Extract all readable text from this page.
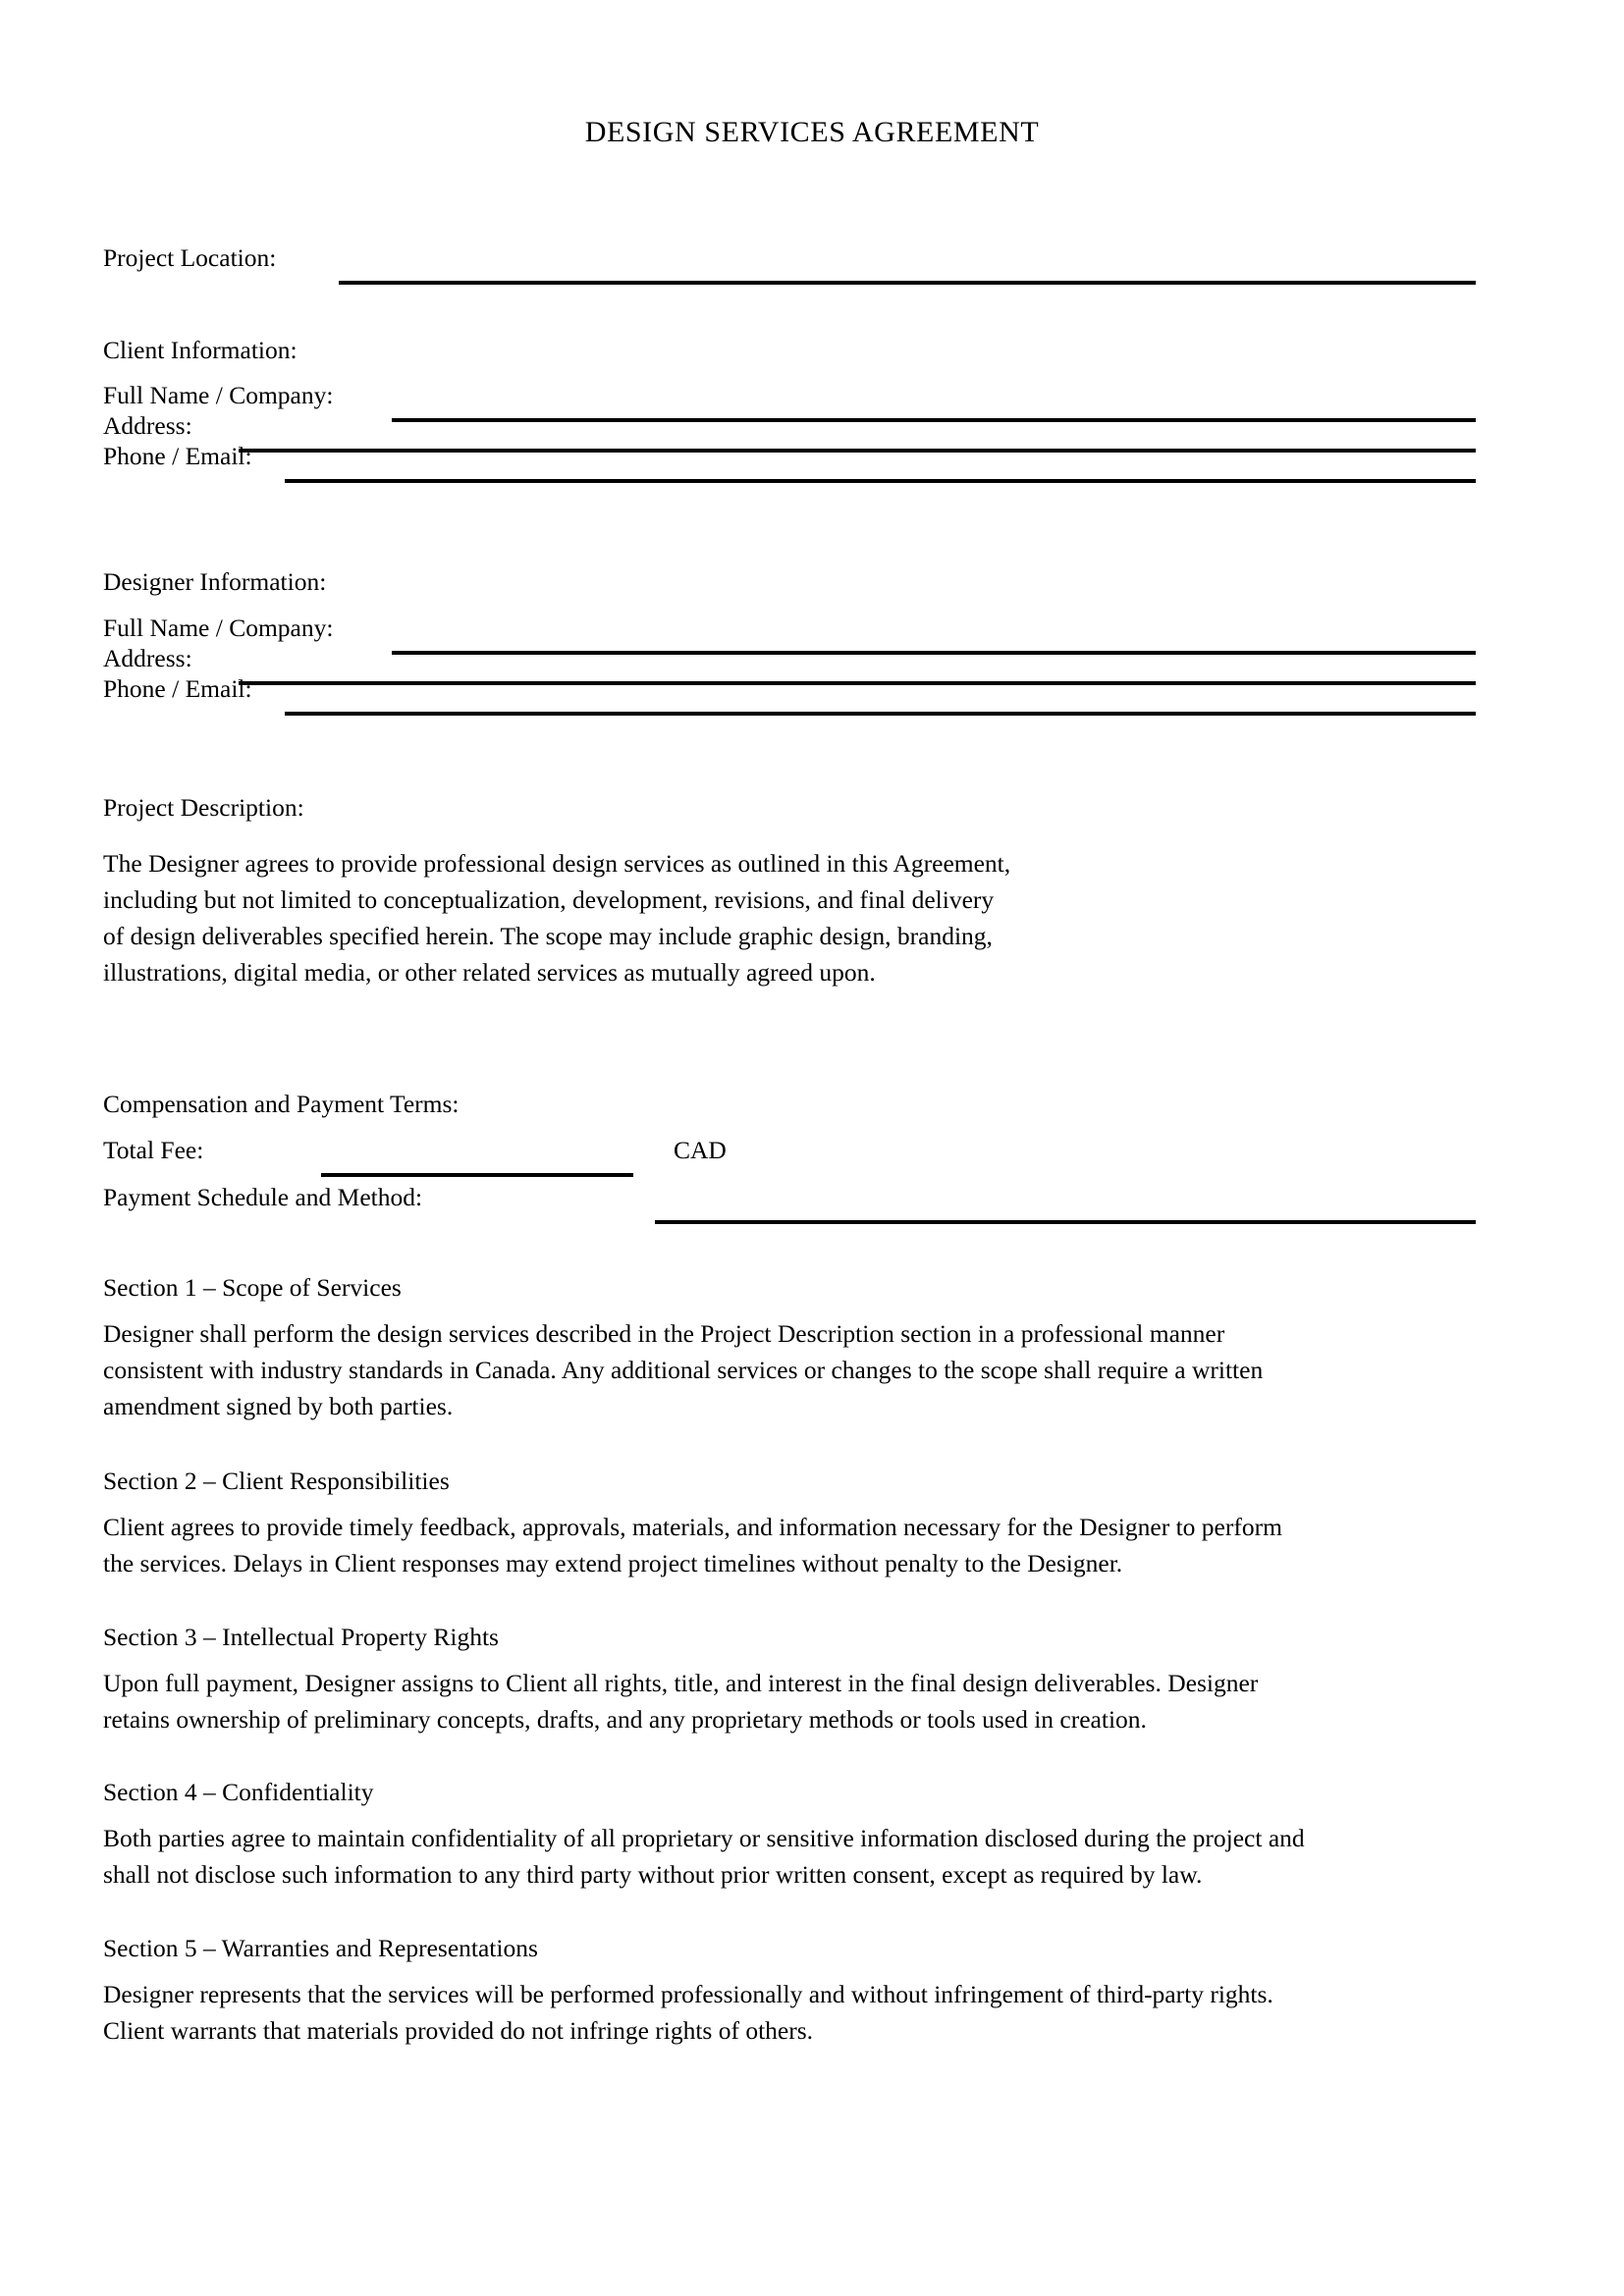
DESIGN SERVICES AGREEMENT
Project Location:
Client Information:
Full Name / Company:
Address:
Phone / Email:
Designer Information:
Full Name / Company:
Address:
Phone / Email:
Project Description:
The Designer agrees to provide professional design services as outlined in this Agreement,
including but not limited to conceptualization, development, revisions, and final delivery
of design deliverables specified herein. The scope may include graphic design, branding,
illustrations, digital media, or other related services as mutually agreed upon.
Compensation and Payment Terms:
Total Fee:	CAD
Payment Schedule and Method:
Section 1 – Scope of Services
Designer shall perform the design services described in the Project Description section in a professional manner
consistent with industry standards in Canada. Any additional services or changes to the scope shall require a written
amendment signed by both parties.
Section 2 – Client Responsibilities
Client agrees to provide timely feedback, approvals, materials, and information necessary for the Designer to perform
the services. Delays in Client responses may extend project timelines without penalty to the Designer.
Section 3 – Intellectual Property Rights
Upon full payment, Designer assigns to Client all rights, title, and interest in the final design deliverables. Designer
retains ownership of preliminary concepts, drafts, and any proprietary methods or tools used in creation.
Section 4 – Confidentiality
Both parties agree to maintain confidentiality of all proprietary or sensitive information disclosed during the project and
shall not disclose such information to any third party without prior written consent, except as required by law.
Section 5 – Warranties and Representations
Designer represents that the services will be performed professionally and without infringement of third-party rights.
Client warrants that materials provided do not infringe rights of others.
